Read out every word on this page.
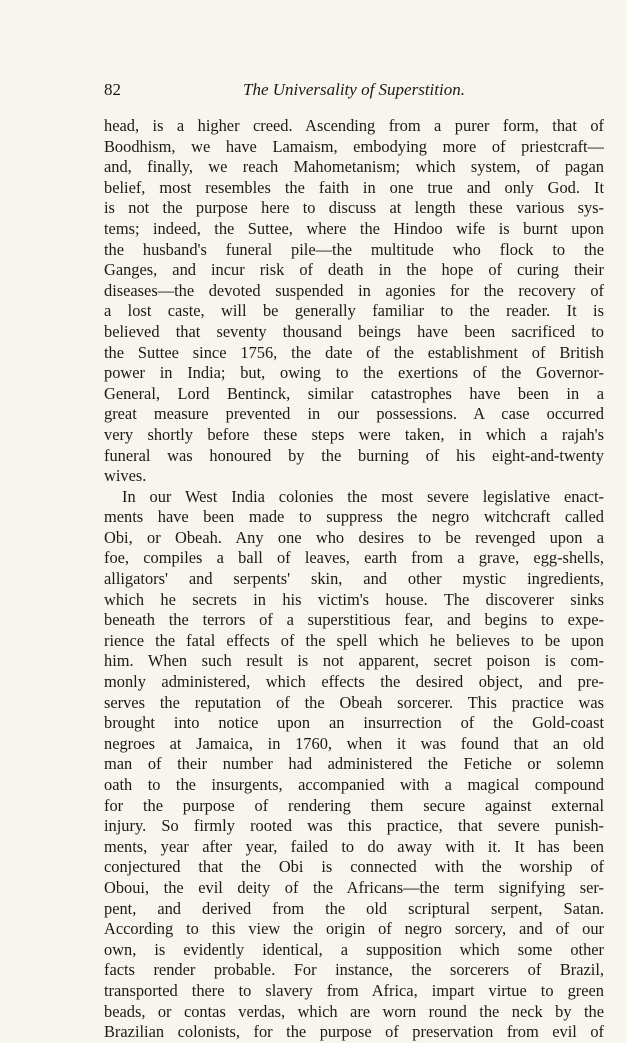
82	The Universality of Superstition.
head, is a higher creed. Ascending from a purer form, that of
Boodhism, we have Lamaism, embodying more of priestcraft—
and, finally, we reach Mahometanism; which system, of pagan
belief, most resembles the faith in one true and only God. It
is not the purpose here to discuss at length these various sys-
tems; indeed, the Suttee, where the Hindoo wife is burnt upon
the husband's funeral pile—the multitude who flock to the
Ganges, and incur risk of death in the hope of curing their
diseases—the devoted suspended in agonies for the recovery of
a lost caste, will be generally familiar to the reader. It is
believed that seventy thousand beings have been sacrificed to
the Suttee since 1756, the date of the establishment of British
power in India; but, owing to the exertions of the Governor-
General, Lord Bentinck, similar catastrophes have been in a
great measure prevented in our possessions. A case occurred
very shortly before these steps were taken, in which a rajah's
funeral was honoured by the burning of his eight-and-twenty
wives.
In our West India colonies the most severe legislative enact-
ments have been made to suppress the negro witchcraft called
Obi, or Obeah. Any one who desires to be revenged upon a
foe, compiles a ball of leaves, earth from a grave, egg-shells,
alligators' and serpents' skin, and other mystic ingredients,
which he secrets in his victim's house. The discoverer sinks
beneath the terrors of a superstitious fear, and begins to expe-
rience the fatal effects of the spell which he believes to be upon
him. When such result is not apparent, secret poison is com-
monly administered, which effects the desired object, and pre-
serves the reputation of the Obeah sorcerer. This practice was
brought into notice upon an insurrection of the Gold-coast
negroes at Jamaica, in 1760, when it was found that an old
man of their number had administered the Fetiche or solemn
oath to the insurgents, accompanied with a magical compound
for the purpose of rendering them secure against external
injury. So firmly rooted was this practice, that severe punish-
ments, year after year, failed to do away with it. It has been
conjectured that the Obi is connected with the worship of
Oboui, the evil deity of the Africans—the term signifying ser-
pent, and derived from the old scriptural serpent, Satan.
According to this view the origin of negro sorcery, and of our
own, is evidently identical, a supposition which some other
facts render probable. For instance, the sorcerers of Brazil,
transported there to slavery from Africa, impart virtue to green
beads, or contas verdas, which are worn round the neck by the
Brazilian colonists, for the purpose of preservation from evil of
